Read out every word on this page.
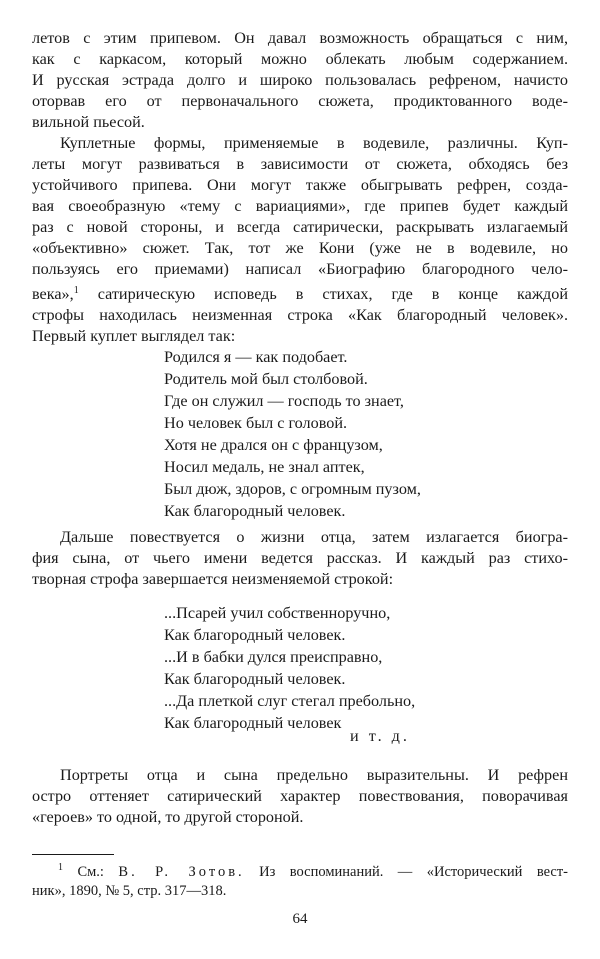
летов с этим припевом. Он давал возможность обращаться с ним,
как с каркасом, который можно облекать любым содержанием.
И русская эстрада долго и широко пользовалась рефреном, начисто
оторвав его от первоначального сюжета, продиктованного водe-
вильной пьесой.
Куплетные формы, применяемые в водевиле, различны. Куп-
леты могут развиваться в зависимости от сюжета, обходясь без
устойчивого припева. Они могут также обыгрывать рефрен, созда-
вая своеобразную «тему с вариациями», где припев будет каждый
раз с новой стороны, и всегда сатирически, раскрывать излагаемый
«объективно» сюжет. Так, тот же Кони (уже не в водевиле, но
пользуясь его приемами) написал «Биографию благородного чело-
века»,$^1$ сатирическую исповедь в стихах, где в конце каждой
строфы находилась неизменная строка «Как благородный человек».
Первый куплет выглядел так:
Родился я — как подобает.
Родитель мой был столбовой.
Где он служил — господь то знает,
Но человек был с головой.
Хотя не дрался он с французом,
Носил медаль, не знал аптек,
Был дюж, здоров, с огромным пузом,
Как благородный человек.
Дальше повествуется о жизни отца, затем излагается биогра-
фия сына, от чьего имени ведется рассказ. И каждый раз стихо-
творная строфа завершается неизменяемой строкой:
...Псарей учил собственноручно,
Как благородный человек.
...И в бабки дулся преисправно,
Как благородный человек.
...Да плеткой слуг стегал пребольно,
Как благородный человек
и т. д.
Портреты отца и сына предельно выразительны. И рефрен
остро оттеняет сатирический характер повествования, поворачивая
«героев» то одной, то другой стороной.
$^1$ См.: В. Р. Зотов. Из воспоминаний. — «Исторический вест-
ник», 1890, № 5, стр. 317—318.
64
